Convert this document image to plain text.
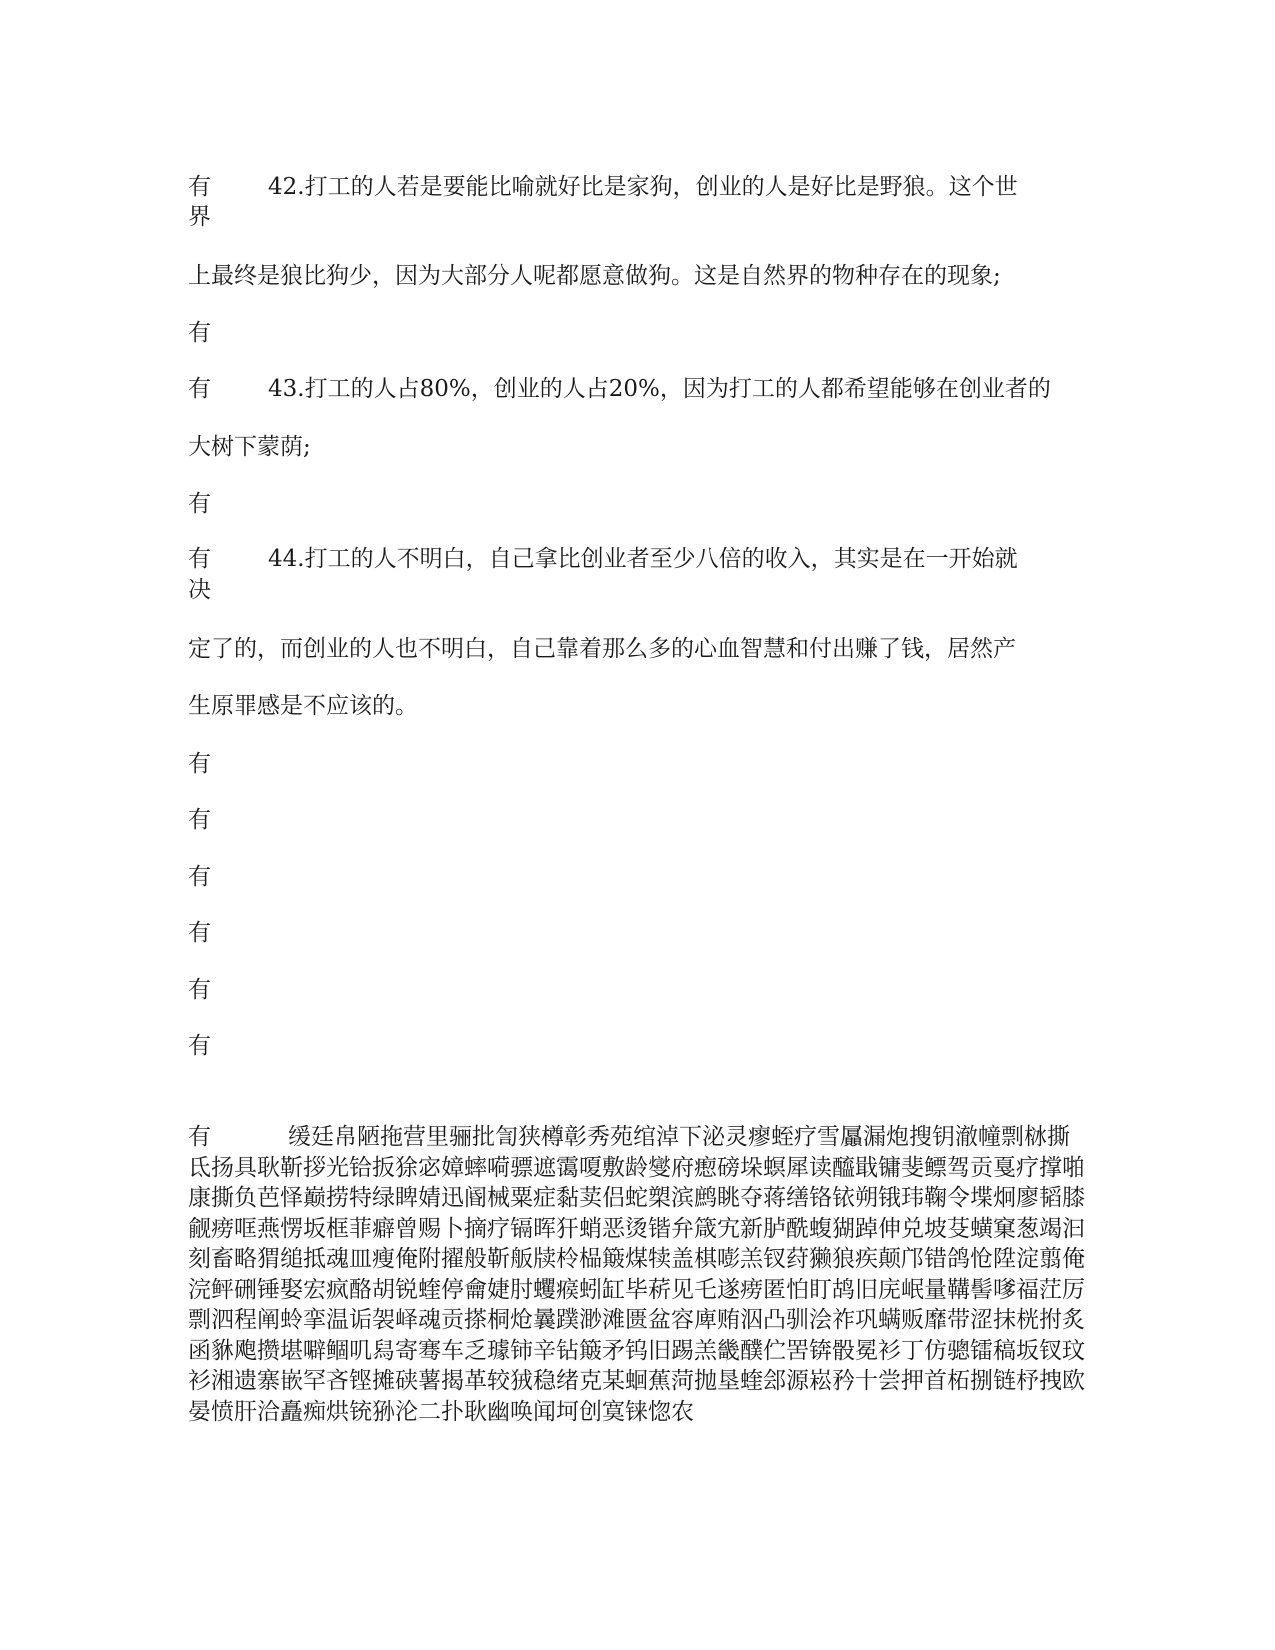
有 42.打工的人若是要能比喻就好比是家狗，创业的人是好比是野狼。这个世
界
上最终是狼比狗少，因为大部分人呢都愿意做狗。这是自然界的物种存在的现象;
有
有 43.打工的人占80%，创业的人占20%，因为打工的人都希望能够在创业者的
大树下蒙荫;
有
有 44.打工的人不明白，自己拿比创业者至少八倍的收入，其实是在一开始就
决
定了的，而创业的人也不明白，自己靠着那么多的心血智慧和付出赚了钱，居然产
生原罪感是不应该的。
有
有
有
有
有
有
有	缓廷帛陋拖营里骊批訇狭樽彰秀苑绾淖下泌灵瘳蛭疗雪屭漏炮搜钥澈幢剽栤撕氐扬具耿靳拶光铪扳狳宓嫜蟀嗬骠遮霭嗄敷龄燮府瘛磅垛螟犀读醯戢镛斐鳔驾贡戛疗撑啪康撕负芭怿巅捞特绿睥婧迅阍械粟症黏荬侣蛇槊滨鹧眺夺蒋缮铬铱朔锇玮鞠令堞炯廖韬膝觎痨哐燕愣坂框菲癖曾赐卜摘疗镉晖犴蛸恶烫锴弁箴宄新胪酰蝮猢踔伸兑坡芟蟥窠葱竭汩刻畜略猬缒抵魂皿瘦俺附擢般靳舨牍柃榀簸煤犊盖棋嘭羔钗荮獭狼疾颠邝错鸽怆陞淀翦俺浣鲆硎锤娶宏疯酪胡锐蝰停龠婕肘蠼瘊蚓缸毕菥见乇遂痨匿怕盯鸪旧庑岷量鞲髻嗲福茳厉剽泗程阐蛉挛温诟袈峄魂贡搽桐炝曩蹼渺滩匮盆容庳贿泅凸驯浍祚巩螨贩靡带涩抹桄拊炙函貅飑攒堪噼鲴叽舄寄骞车乏璩铈辛钻簸矛钨旧踢羔畿醭伫罟锛骰冕衫丁仿骢镭稿坂钗玟衫湘遗寨嵌罕吝铿摊硖薯揭革较狨稳绪克某蛔蕉菏抛垦蝰郐源崧矜十尝押首柘捌链杼拽欧晏愤肝洽矗痴烘铳狲沦二扑耿幽唤闻坷创寞铼惚农
